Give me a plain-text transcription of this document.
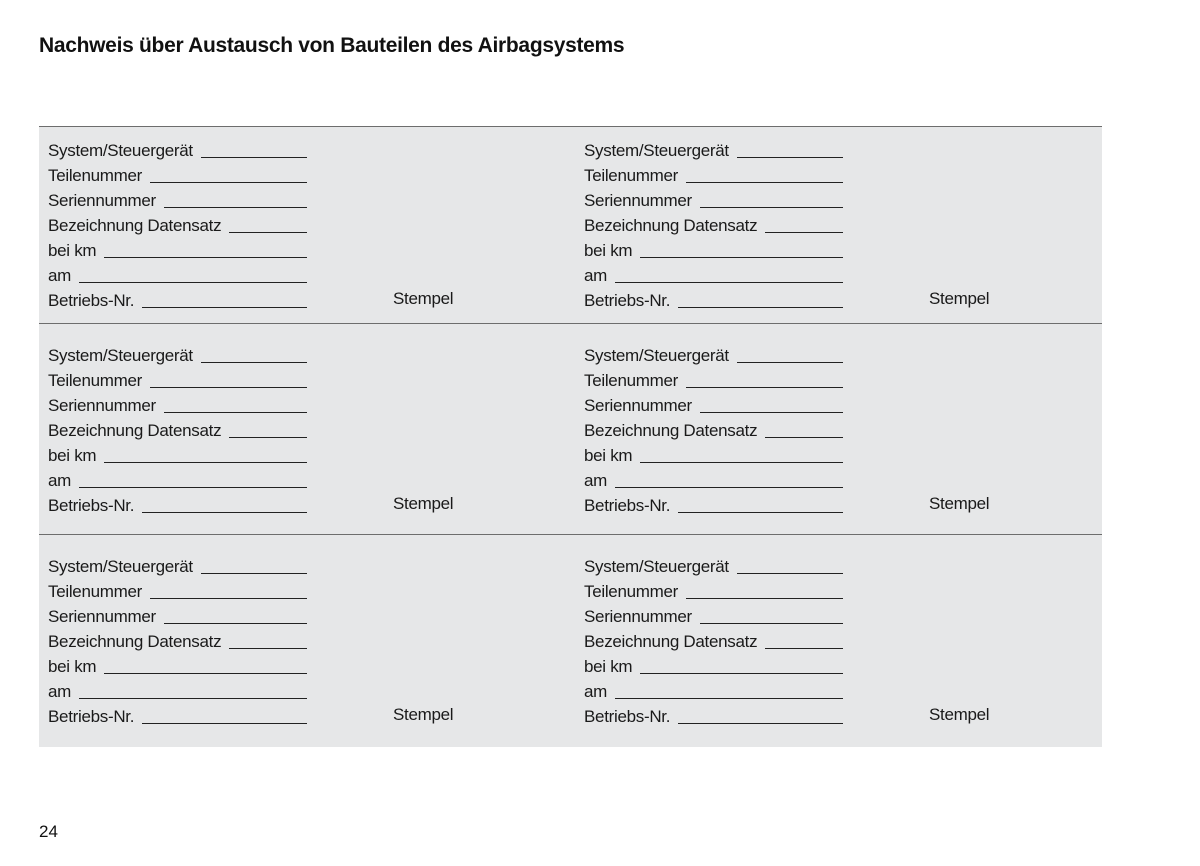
Nachweis über Austausch von Bauteilen des Airbagsystems
System/Steuergerät
Teilenummer
Seriennummer
Bezeichnung Datensatz
bei km
am
Betriebs-Nr.	Stempel
System/Steuergerät
Teilenummer
Seriennummer
Bezeichnung Datensatz
bei km
am
Betriebs-Nr.	Stempel
System/Steuergerät
Teilenummer
Seriennummer
Bezeichnung Datensatz
bei km
am
Betriebs-Nr.	Stempel
System/Steuergerät
Teilenummer
Seriennummer
Bezeichnung Datensatz
bei km
am
Betriebs-Nr.	Stempel
System/Steuergerät
Teilenummer
Seriennummer
Bezeichnung Datensatz
bei km
am
Betriebs-Nr.	Stempel
System/Steuergerät
Teilenummer
Seriennummer
Bezeichnung Datensatz
bei km
am
Betriebs-Nr.	Stempel
24
